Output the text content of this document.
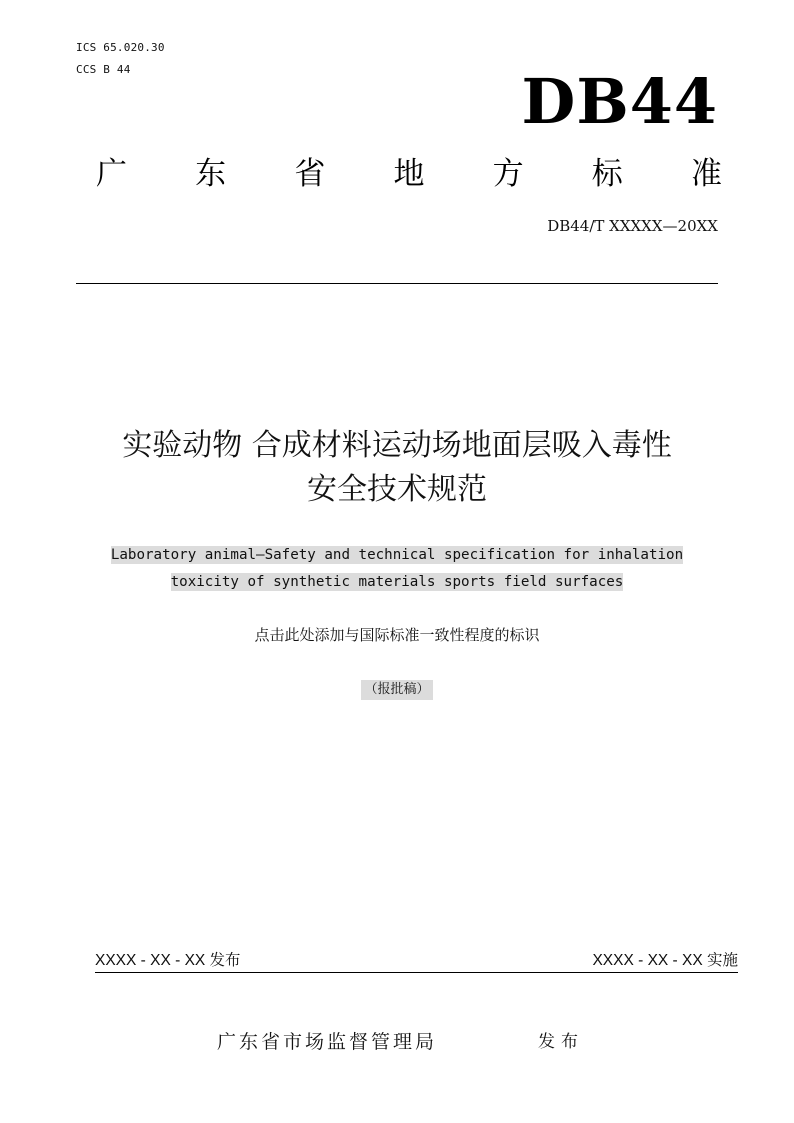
ICS 65.020.30
CCS B 44	DB44
广 东 省 地 方 标 准
DB44/T XXXXX—20XX
实验动物 合成材料运动场地面层吸入毒性
安全技术规范
Laboratory animal—Safety and technical specification for inhalation
toxicity of synthetic materials sports field surfaces
点击此处添加与国际标准一致性程度的标识
（报批稿）
XXXX - XX - XX 发布	XXXX - XX - XX 实施
广东省市场监督管理局	发布
